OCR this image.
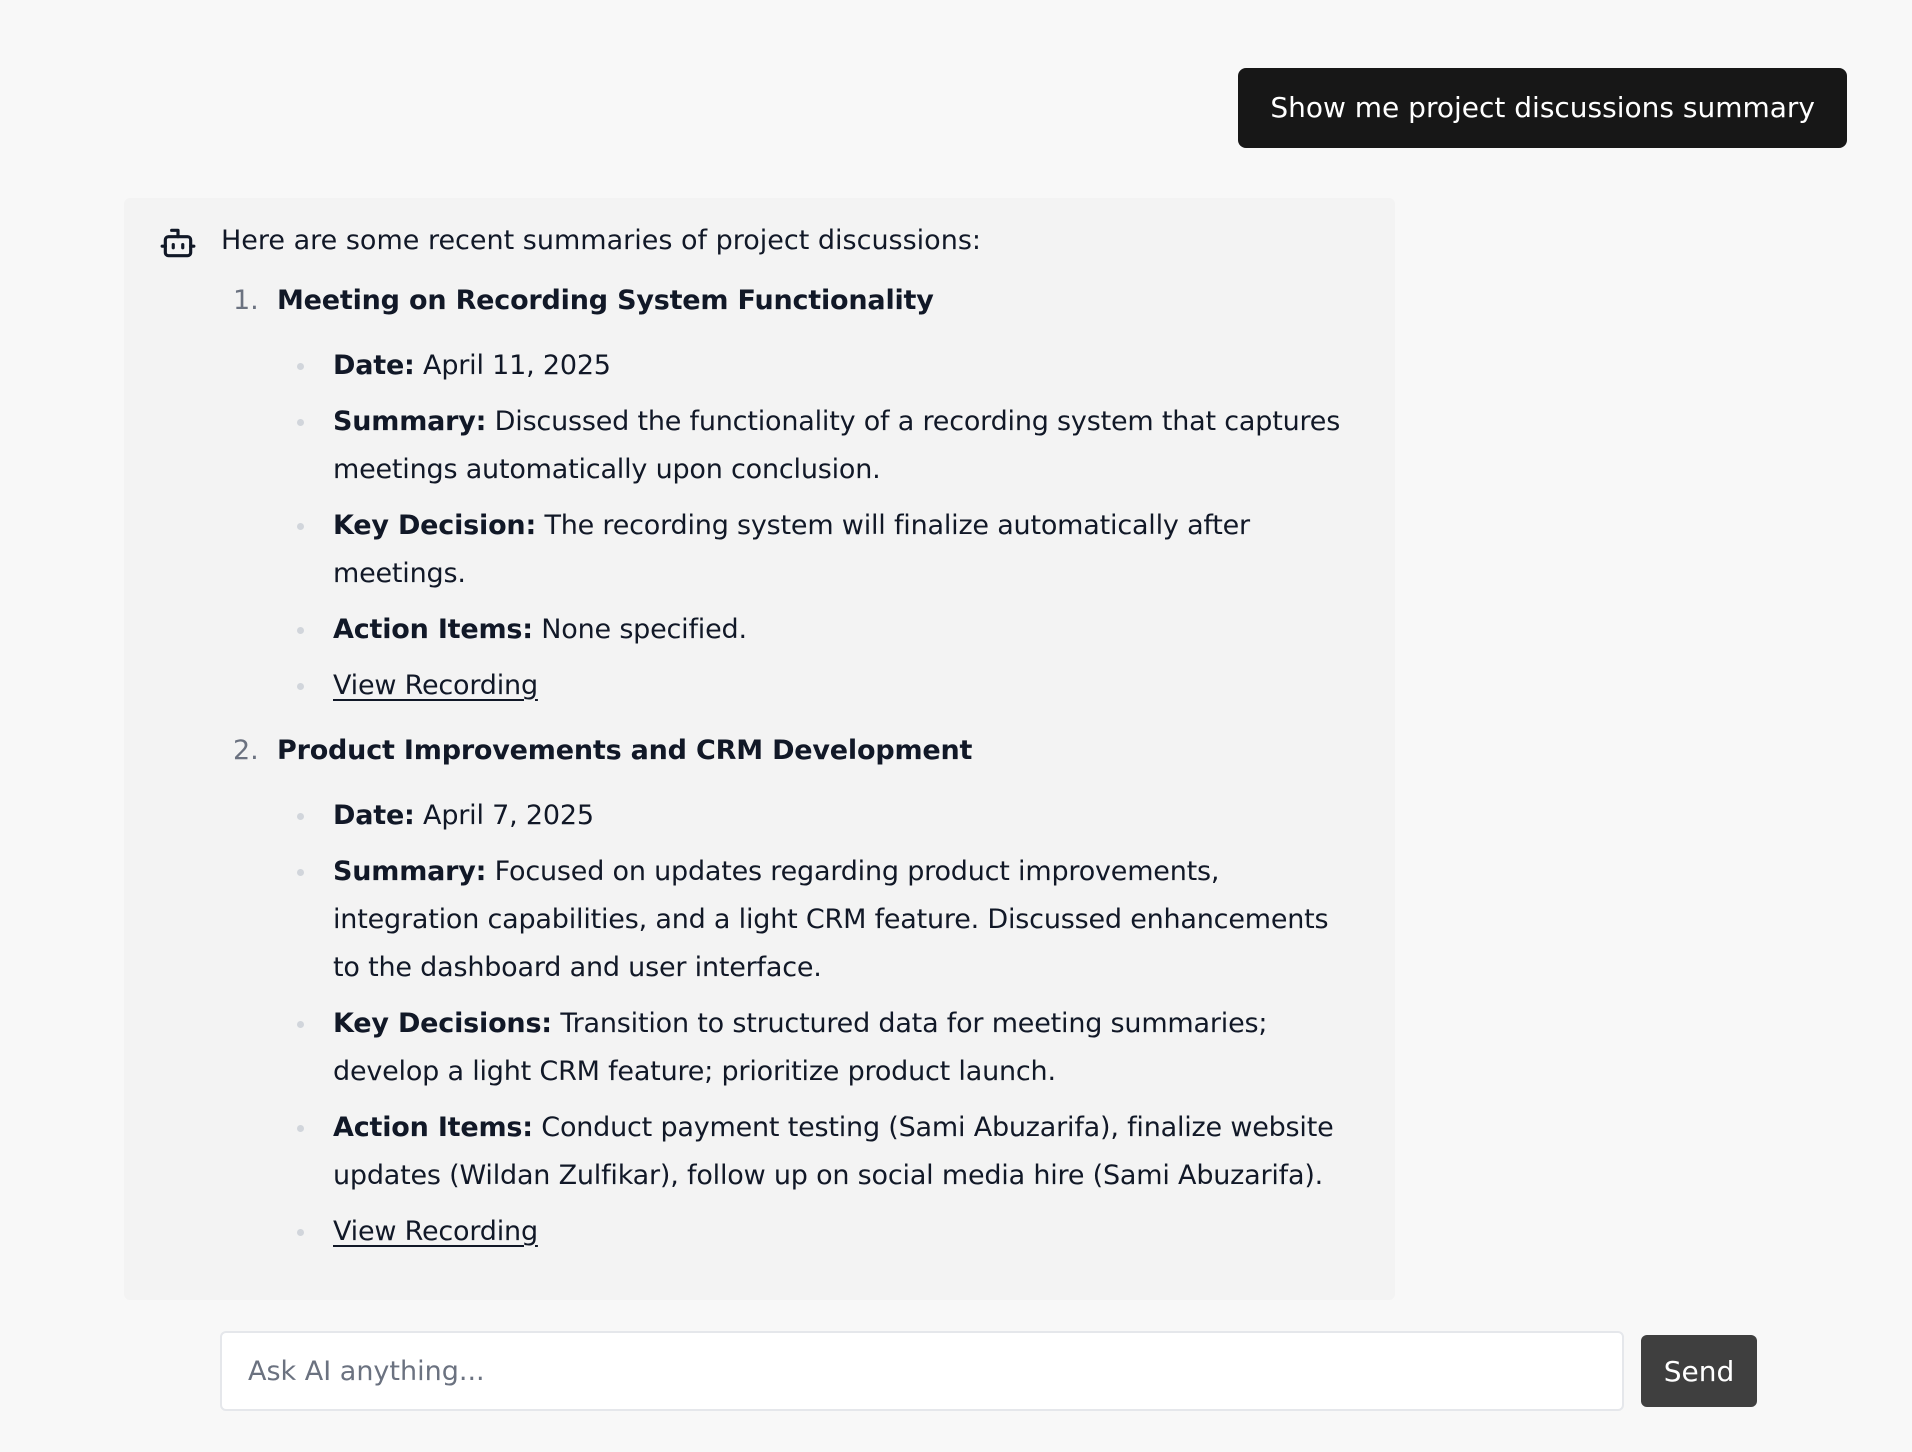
Show me project discussions summary

Here are some recent summaries of project discussions:

1. Meeting on Recording System Functionality
Date: April 11, 2025
Summary: Discussed the functionality of a recording system that captures meetings automatically upon conclusion.
Key Decision: The recording system will finalize automatically after meetings.
Action Items: None specified.
View Recording
2. Product Improvements and CRM Development
Date: April 7, 2025
Summary: Focused on updates regarding product improvements, integration capabilities, and a light CRM feature. Discussed enhancements to the dashboard and user interface.
Key Decisions: Transition to structured data for meeting summaries; develop a light CRM feature; prioritize product launch.
Action Items: Conduct payment testing (Sami Abuzarifa), finalize website updates (Wildan Zulfikar), follow up on social media hire (Sami Abuzarifa).
View Recording
Ask AI anything...
Send
